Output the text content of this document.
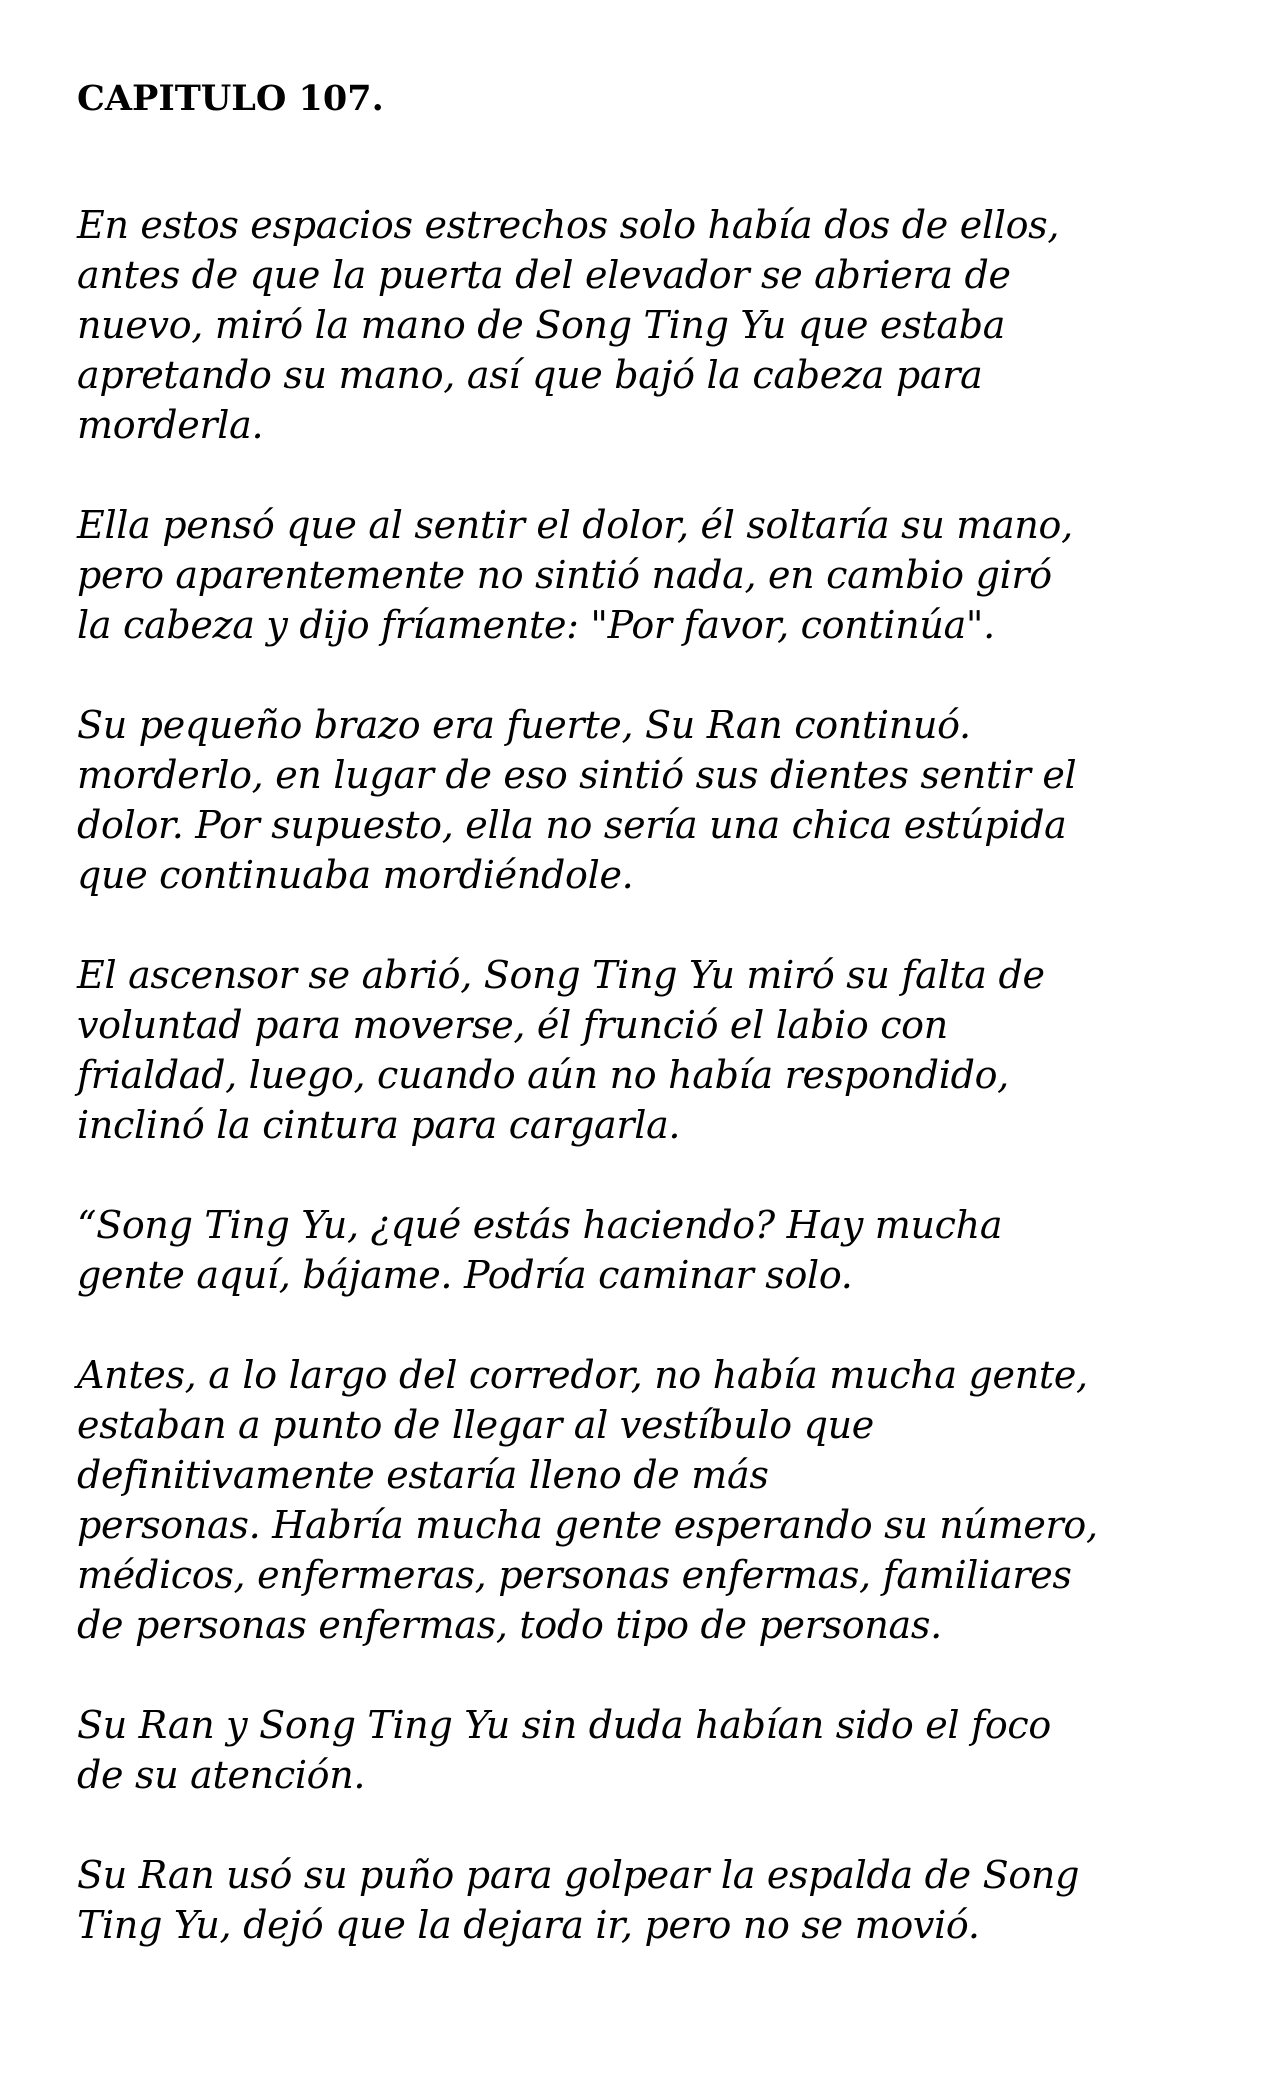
CAPITULO 107.

En estos espacios estrechos solo había dos de ellos,
antes de que la puerta del elevador se abriera de
nuevo, miró la mano de Song Ting Yu que estaba
apretando su mano, así que bajó la cabeza para
morderla.

Ella pensó que al sentir el dolor, él soltaría su mano,
pero aparentemente no sintió nada, en cambio giró
la cabeza y dijo fríamente: "Por favor, continúa".

Su pequeño brazo era fuerte, Su Ran continuó.
morderlo, en lugar de eso sintió sus dientes sentir el
dolor. Por supuesto, ella no sería una chica estúpida
que continuaba mordiéndole.

El ascensor se abrió, Song Ting Yu miró su falta de
voluntad para moverse, él frunció el labio con
frialdad, luego, cuando aún no había respondido,
inclinó la cintura para cargarla.

“Song Ting Yu, ¿qué estás haciendo? Hay mucha
gente aquí, bájame. Podría caminar solo.

Antes, a lo largo del corredor, no había mucha gente,
estaban a punto de llegar al vestíbulo que
definitivamente estaría lleno de más
personas. Habría mucha gente esperando su número,
médicos, enfermeras, personas enfermas, familiares
de personas enfermas, todo tipo de personas.

Su Ran y Song Ting Yu sin duda habían sido el foco
de su atención.

Su Ran usó su puño para golpear la espalda de Song
Ting Yu, dejó que la dejara ir, pero no se movió.
